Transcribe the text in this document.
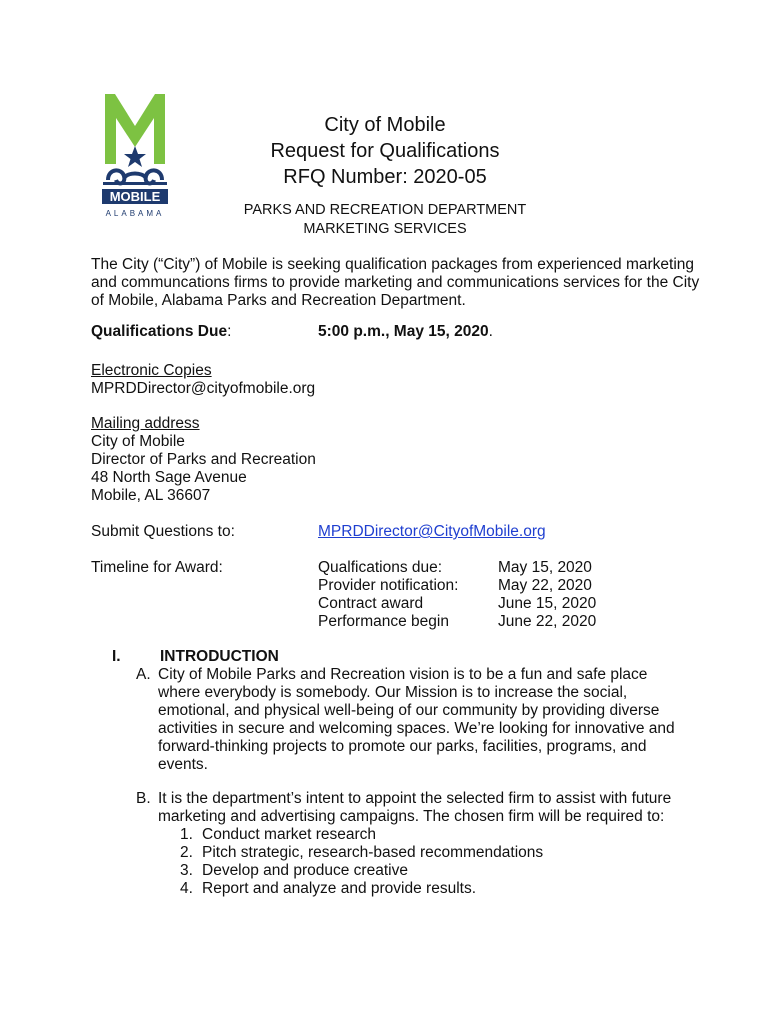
MOBILE
ALABAMA
City of Mobile
Request for Qualifications
RFQ Number: 2020-05
PARKS AND RECREATION DEPARTMENT
MARKETING SERVICES
The City (“City”) of Mobile is seeking qualification packages from experienced marketing and communcations firms to provide marketing and communications services for the City of Mobile, Alabama Parks and Recreation Department.
Qualifications Due:	5:00 p.m., May 15, 2020.
Electronic Copies
MPRDDirector@cityofmobile.org
Mailing address
City of Mobile
Director of Parks and Recreation
48 North Sage Avenue
Mobile, AL 36607
Submit Questions to:	MPRDDirector@CityofMobile.org
Timeline for Award:	Qualfications due:	May 15, 2020
Provider notification:	May 22, 2020
Contract award	June 15, 2020
Performance begin	June 22, 2020
I.	INTRODUCTION
A. City of Mobile Parks and Recreation vision is to be a fun and safe place where everybody is somebody. Our Mission is to increase the social, emotional, and physical well-being of our community by providing diverse activities in secure and welcoming spaces. We’re looking for innovative and forward-thinking projects to promote our parks, facilities, programs, and events.
B. It is the department’s intent to appoint the selected firm to assist with future marketing and advertising campaigns. The chosen firm will be required to:
1. Conduct market research
2. Pitch strategic, research-based recommendations
3. Develop and produce creative
4. Report and analyze and provide results.
